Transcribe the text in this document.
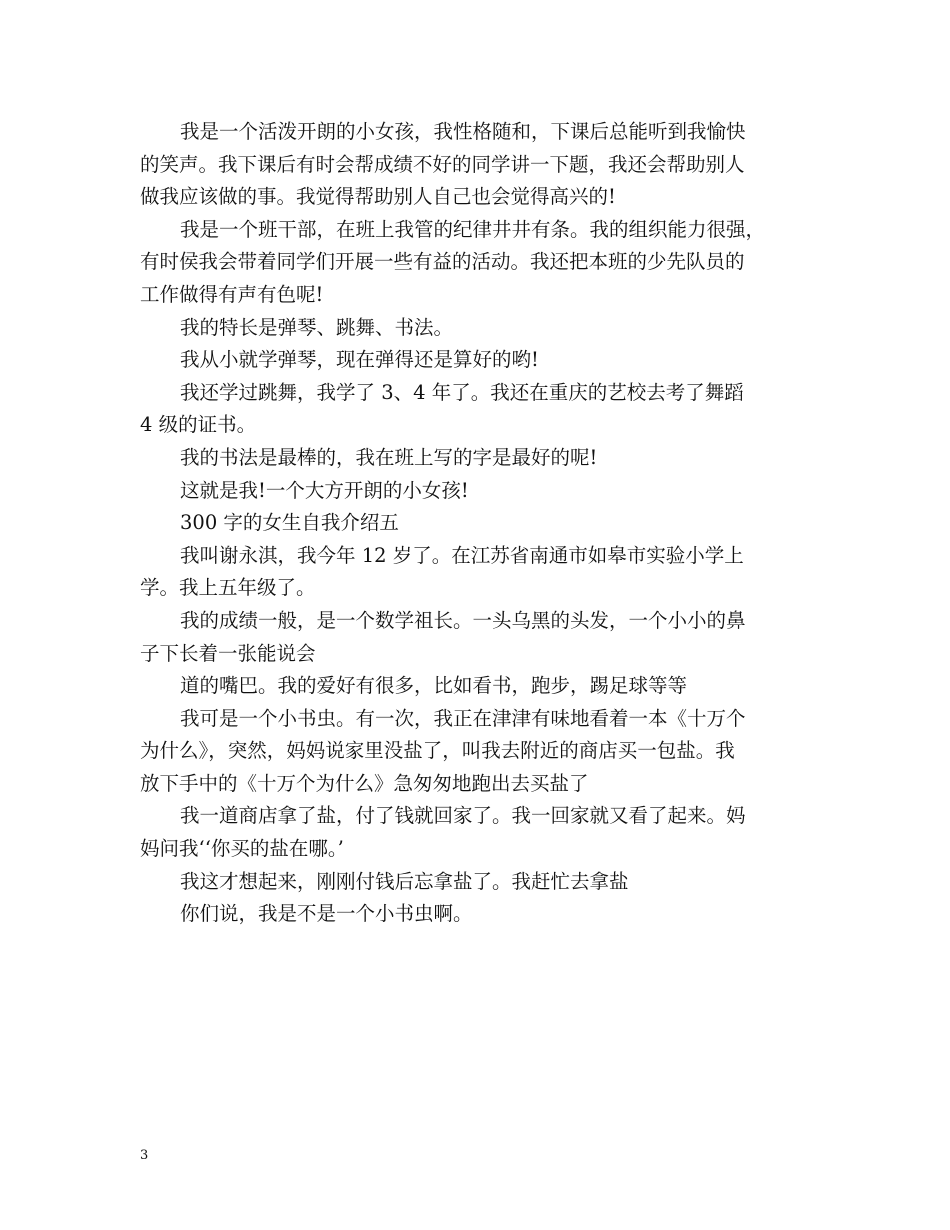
我是一个活泼开朗的小女孩，我性格随和，下课后总能听到我愉快
的笑声。我下课后有时会帮成绩不好的同学讲一下题，我还会帮助别人
做我应该做的事。我觉得帮助别人自己也会觉得高兴的!
我是一个班干部，在班上我管的纪律井井有条。我的组织能力很强，
有时侯我会带着同学们开展一些有益的活动。我还把本班的少先队员的
工作做得有声有色呢!
我的特长是弹琴、跳舞、书法。
我从小就学弹琴，现在弹得还是算好的哟!
我还学过跳舞，我学了 3、4 年了。我还在重庆的艺校去考了舞蹈
4 级的证书。
我的书法是最棒的，我在班上写的字是最好的呢!
这就是我!一个大方开朗的小女孩!
300 字的女生自我介绍五
我叫谢永淇，我今年 12 岁了。在江苏省南通市如皋市实验小学上
学。我上五年级了。
我的成绩一般，是一个数学祖长。一头乌黑的头发，一个小小的鼻
子下长着一张能说会
道的嘴巴。我的爱好有很多，比如看书，跑步，踢足球等等
我可是一个小书虫。有一次，我正在津津有味地看着一本《十万个
为什么》，突然，妈妈说家里没盐了，叫我去附近的商店买一包盐。我
放下手中的《十万个为什么》急匆匆地跑出去买盐了
我一道商店拿了盐，付了钱就回家了。我一回家就又看了起来。妈
妈问我‘‘你买的盐在哪。’
我这才想起来，刚刚付钱后忘拿盐了。我赶忙去拿盐
你们说，我是不是一个小书虫啊。
3
